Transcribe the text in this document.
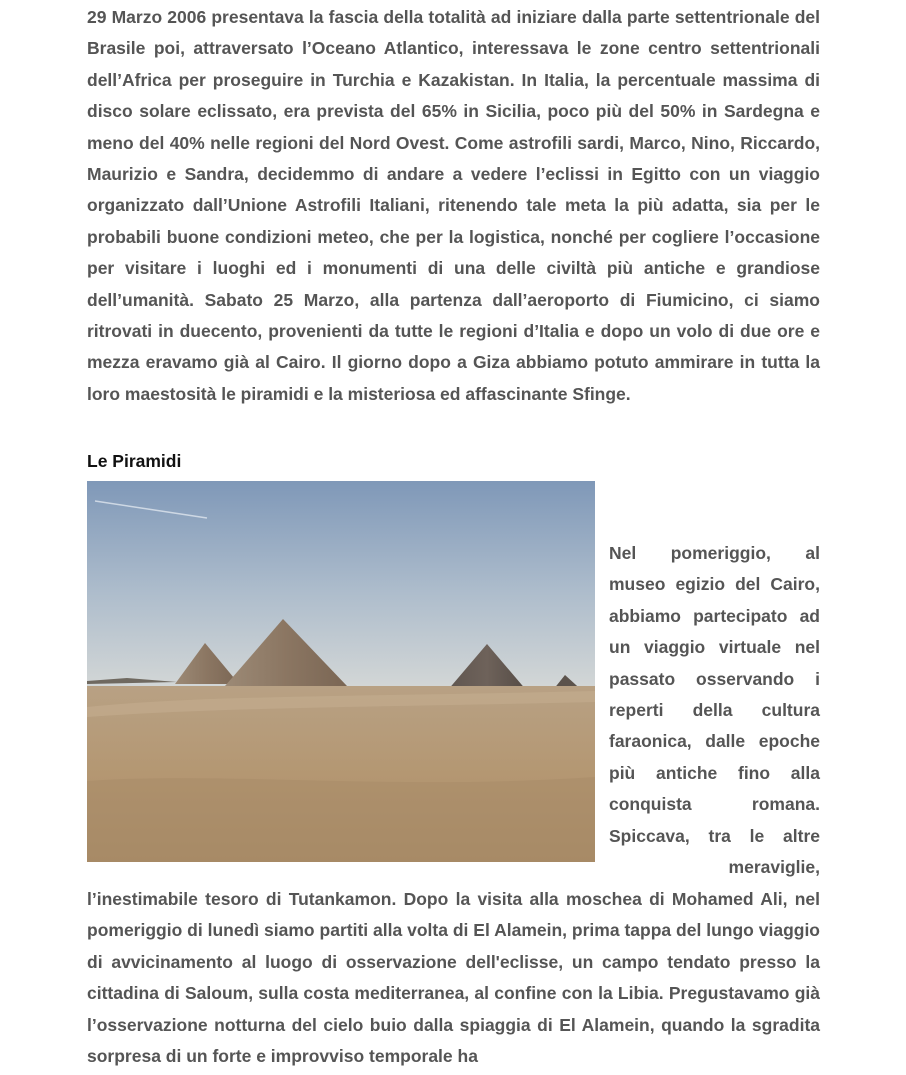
29 Marzo 2006 presentava la fascia della totalità ad iniziare dalla parte settentrionale del Brasile poi, attraversato l’Oceano Atlantico, interessava le zone centro settentrionali dell’Africa per proseguire in Turchia e Kazakistan. In Italia, la percentuale massima di disco solare eclissato, era prevista del 65% in Sicilia, poco più del 50% in Sardegna e meno del 40% nelle regioni del Nord Ovest. Come astrofili sardi, Marco, Nino, Riccardo, Maurizio e Sandra, decidemmo di andare a vedere l’eclissi in Egitto con un viaggio organizzato dall’Unione Astrofili Italiani, ritenendo tale meta la più adatta, sia per le probabili buone condizioni meteo, che per la logistica, nonché per cogliere l’occasione per visitare i luoghi ed i monumenti di una delle civiltà più antiche e grandiose dell’umanità. Sabato 25 Marzo, alla partenza dall’aeroporto di Fiumicino, ci siamo ritrovati in duecento, provenienti da tutte le regioni d’Italia e dopo un volo di due ore e mezza eravamo già al Cairo. Il giorno dopo a Giza abbiamo potuto ammirare in tutta la loro maestosità le piramidi e la misteriosa ed affascinante Sfinge.

Le Piramidi

Nel pomeriggio, al museo egizio del Cairo, abbiamo partecipato ad un viaggio virtuale nel passato osservando i reperti della cultura faraonica, dalle epoche più antiche fino alla conquista romana. Spiccava, tra le altre

meraviglie,

l’inestimabile tesoro di Tutankamon. Dopo la visita alla moschea di Mohamed Ali, nel pomeriggio di lunedì siamo partiti alla volta di El Alamein, prima tappa del lungo viaggio di avvicinamento al luogo di osservazione dell'eclisse, un campo tendato presso la cittadina di Saloum, sulla costa mediterranea, al confine con la Libia. Pregustavamo già l’osservazione notturna del cielo buio dalla spiaggia di El Alamein, quando la sgradita sorpresa di un forte e improvviso temporale ha
